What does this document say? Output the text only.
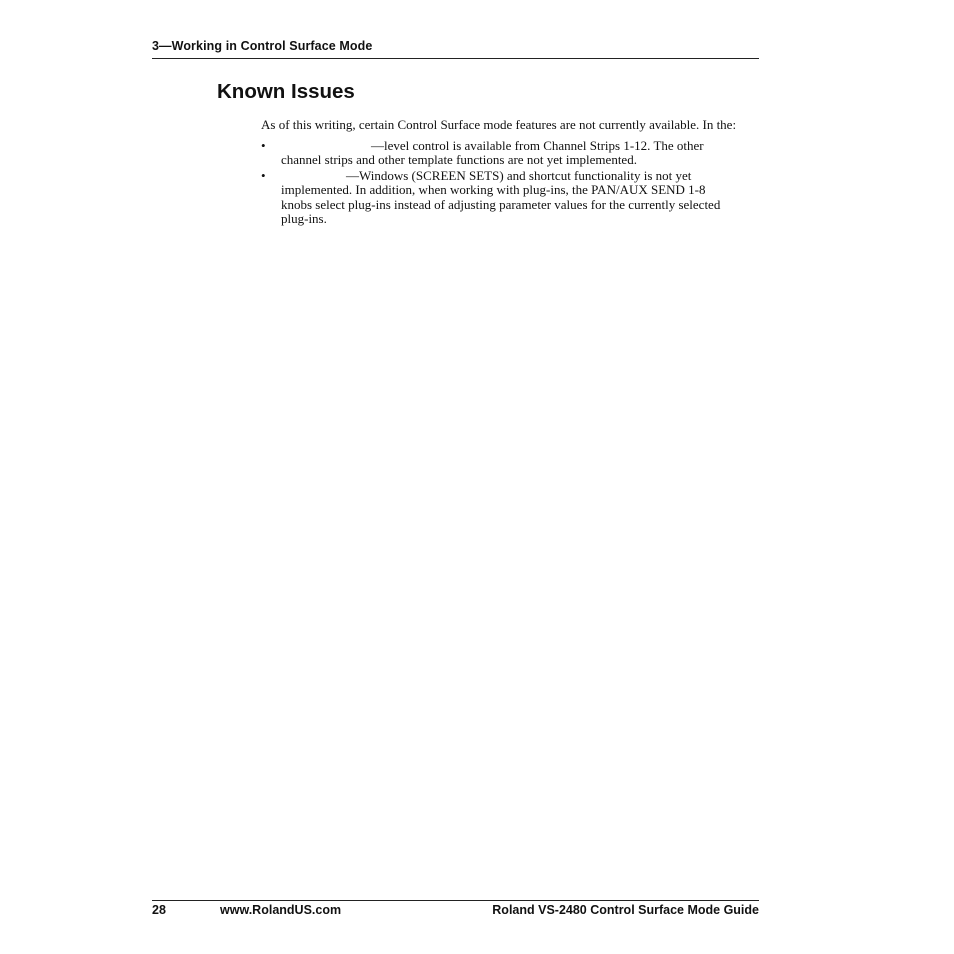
3—Working in Control Surface Mode
Known Issues

As of this writing, certain Control Surface mode features are not currently available. In the:

•	—level control is available from Channel Strips 1-12. The other channel strips and other template functions are not yet implemented.
•	—Windows (SCREEN SETS) and shortcut functionality is not yet implemented. In addition, when working with plug-ins, the PAN/AUX SEND 1-8 knobs select plug-ins instead of adjusting parameter values for the currently selected plug-ins.
28	www.RolandUS.com	Roland VS-2480 Control Surface Mode Guide
